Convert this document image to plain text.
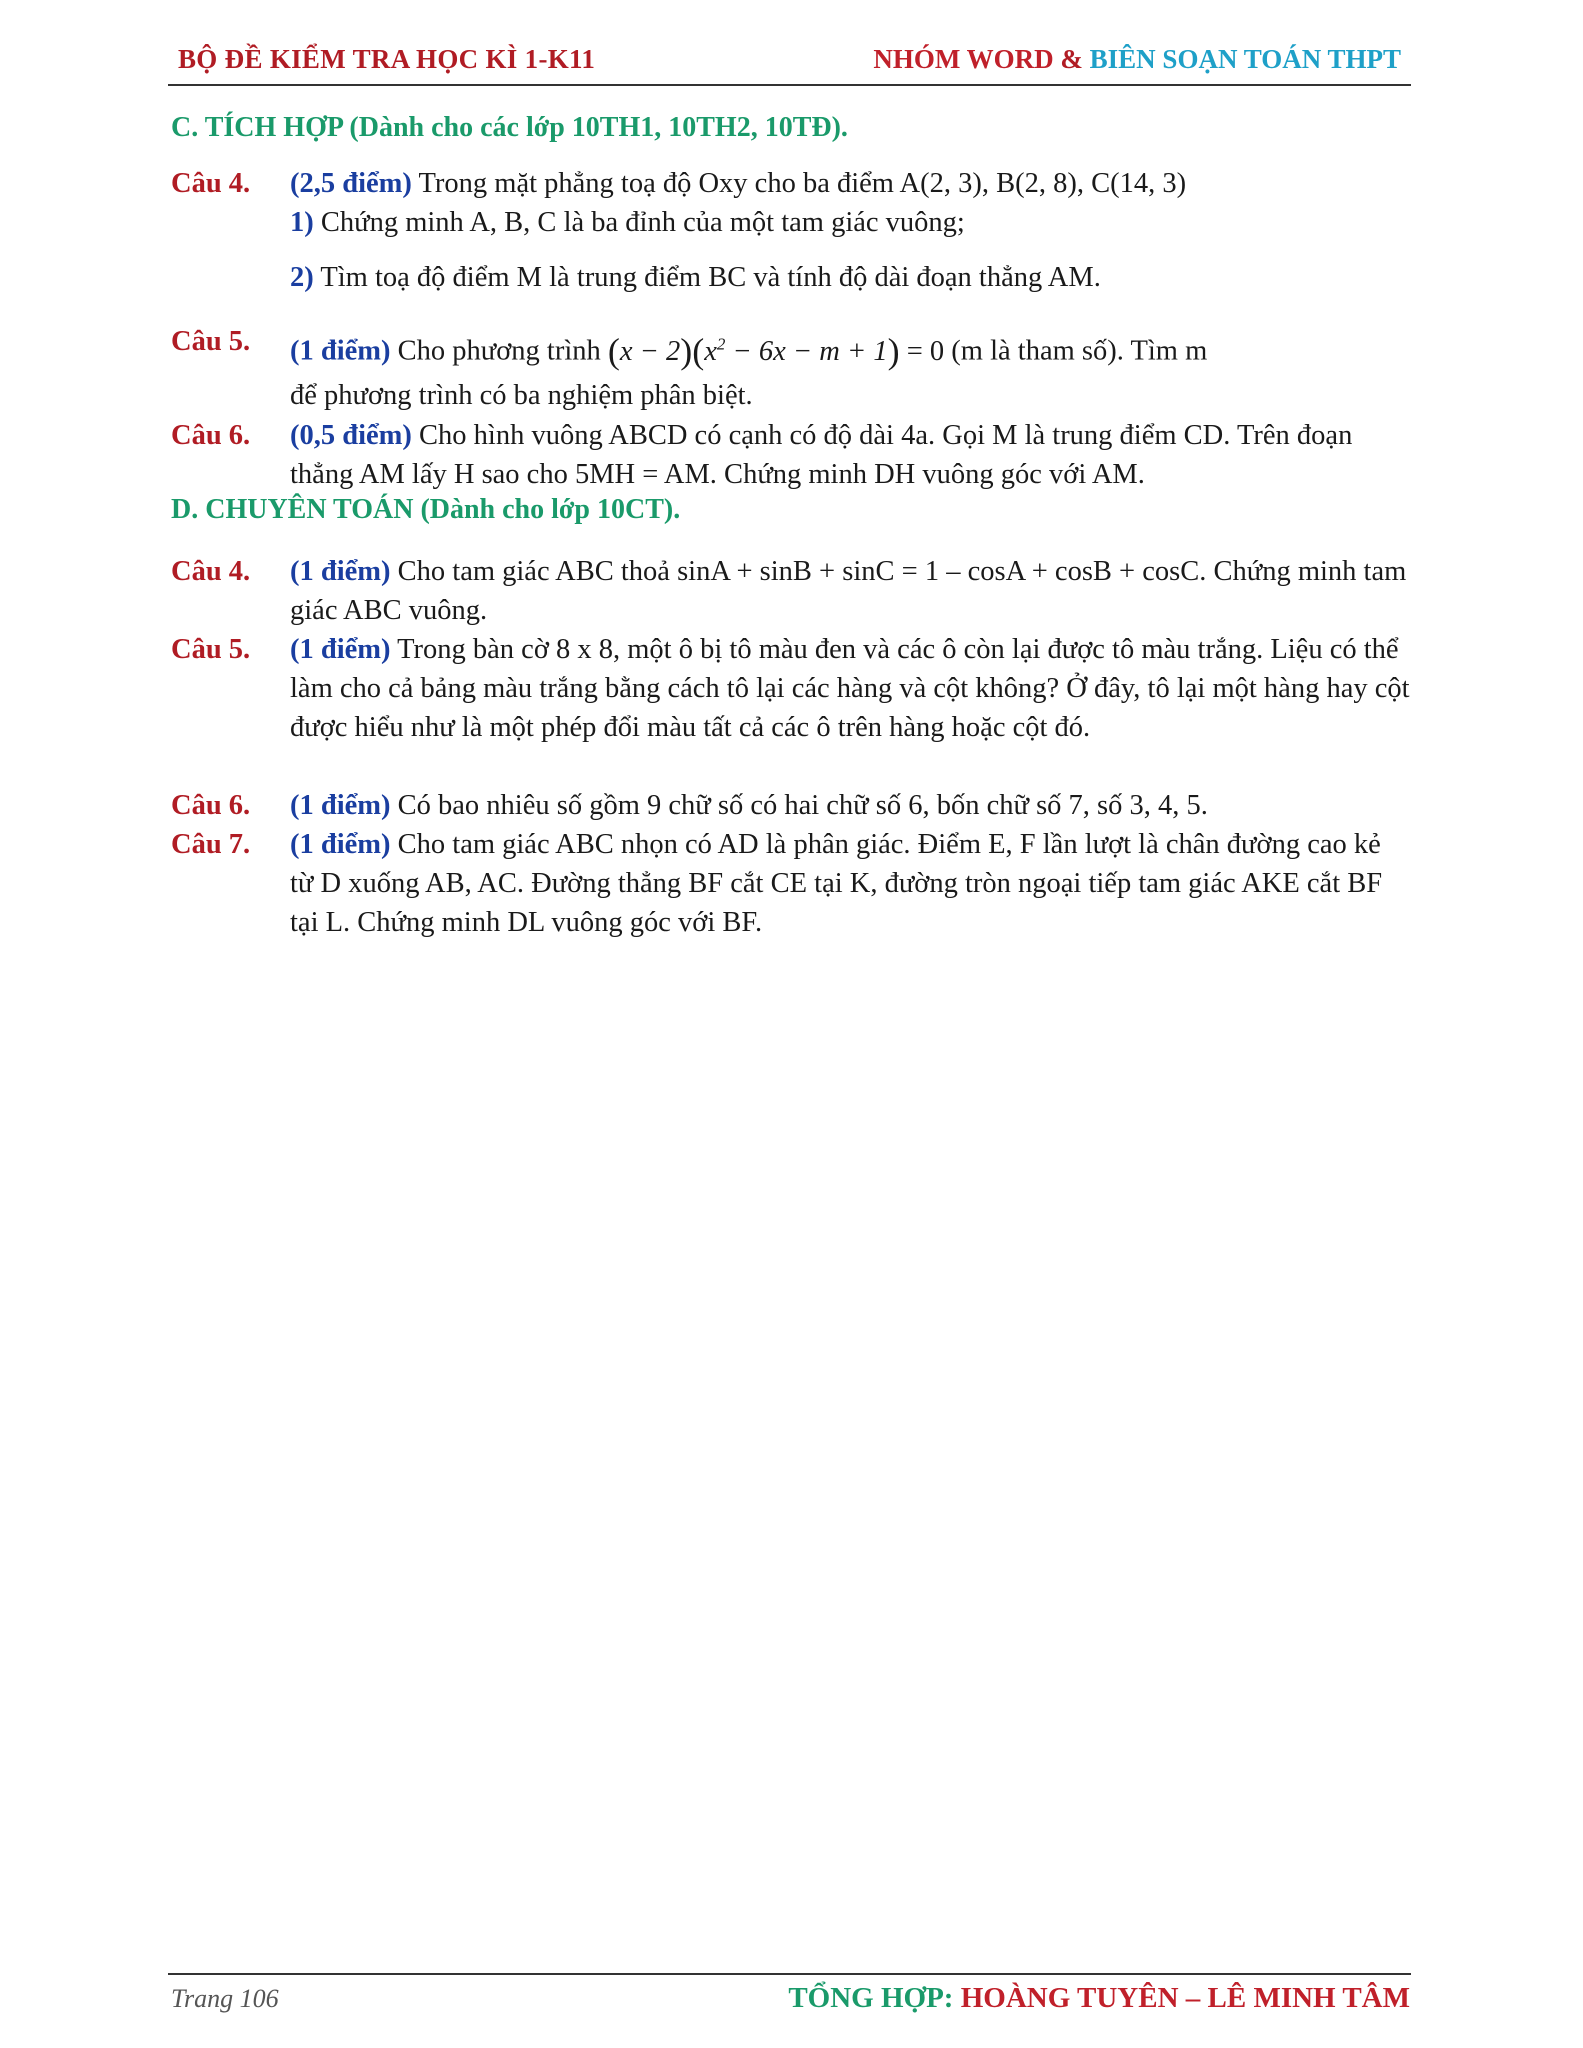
BỘ ĐỀ KIỂM TRA HỌC KÌ 1-K11	NHÓM WORD & BIÊN SOẠN TOÁN THPT
C. TÍCH HỢP (Dành cho các lớp 10TH1, 10TH2, 10TĐ).
Câu 4. (2,5 điểm) Trong mặt phẳng toạ độ Oxy cho ba điểm A(2, 3), B(2, 8), C(14, 3)
1) Chứng minh A, B, C là ba đỉnh của một tam giác vuông;
2) Tìm toạ độ điểm M là trung điểm BC và tính độ dài đoạn thẳng AM.
Câu 5. (1 điểm) Cho phương trình $(x - 2)(x^2 - 6x - m + 1) = 0$ (m là tham số). Tìm m
để phương trình có ba nghiệm phân biệt.
Câu 6. (0,5 điểm) Cho hình vuông ABCD có cạnh có độ dài 4a. Gọi M là trung điểm CD. Trên đoạn thẳng AM lấy H sao cho 5MH = AM. Chứng minh DH vuông góc với AM.
D. CHUYÊN TOÁN (Dành cho lớp 10CT).
Câu 4. (1 điểm) Cho tam giác ABC thoả sinA + sinB + sinC = 1 – cosA + cosB + cosC. Chứng minh tam giác ABC vuông.
Câu 5. (1 điểm) Trong bàn cờ 8 x 8, một ô bị tô màu đen và các ô còn lại được tô màu trắng. Liệu có thể làm cho cả bảng màu trắng bằng cách tô lại các hàng và cột không? Ở đây, tô lại một hàng hay cột được hiểu như là một phép đổi màu tất cả các ô trên hàng hoặc cột đó.
Câu 6. (1 điểm) Có bao nhiêu số gồm 9 chữ số có hai chữ số 6, bốn chữ số 7, số 3, 4, 5.
Câu 7. (1 điểm) Cho tam giác ABC nhọn có AD là phân giác. Điểm E, F lần lượt là chân đường cao kẻ từ D xuống AB, AC. Đường thẳng BF cắt CE tại K, đường tròn ngoại tiếp tam giác AKE cắt BF tại L. Chứng minh DL vuông góc với BF.
Trang 106	TỔNG HỢP: HOÀNG TUYÊN – LÊ MINH TÂM
